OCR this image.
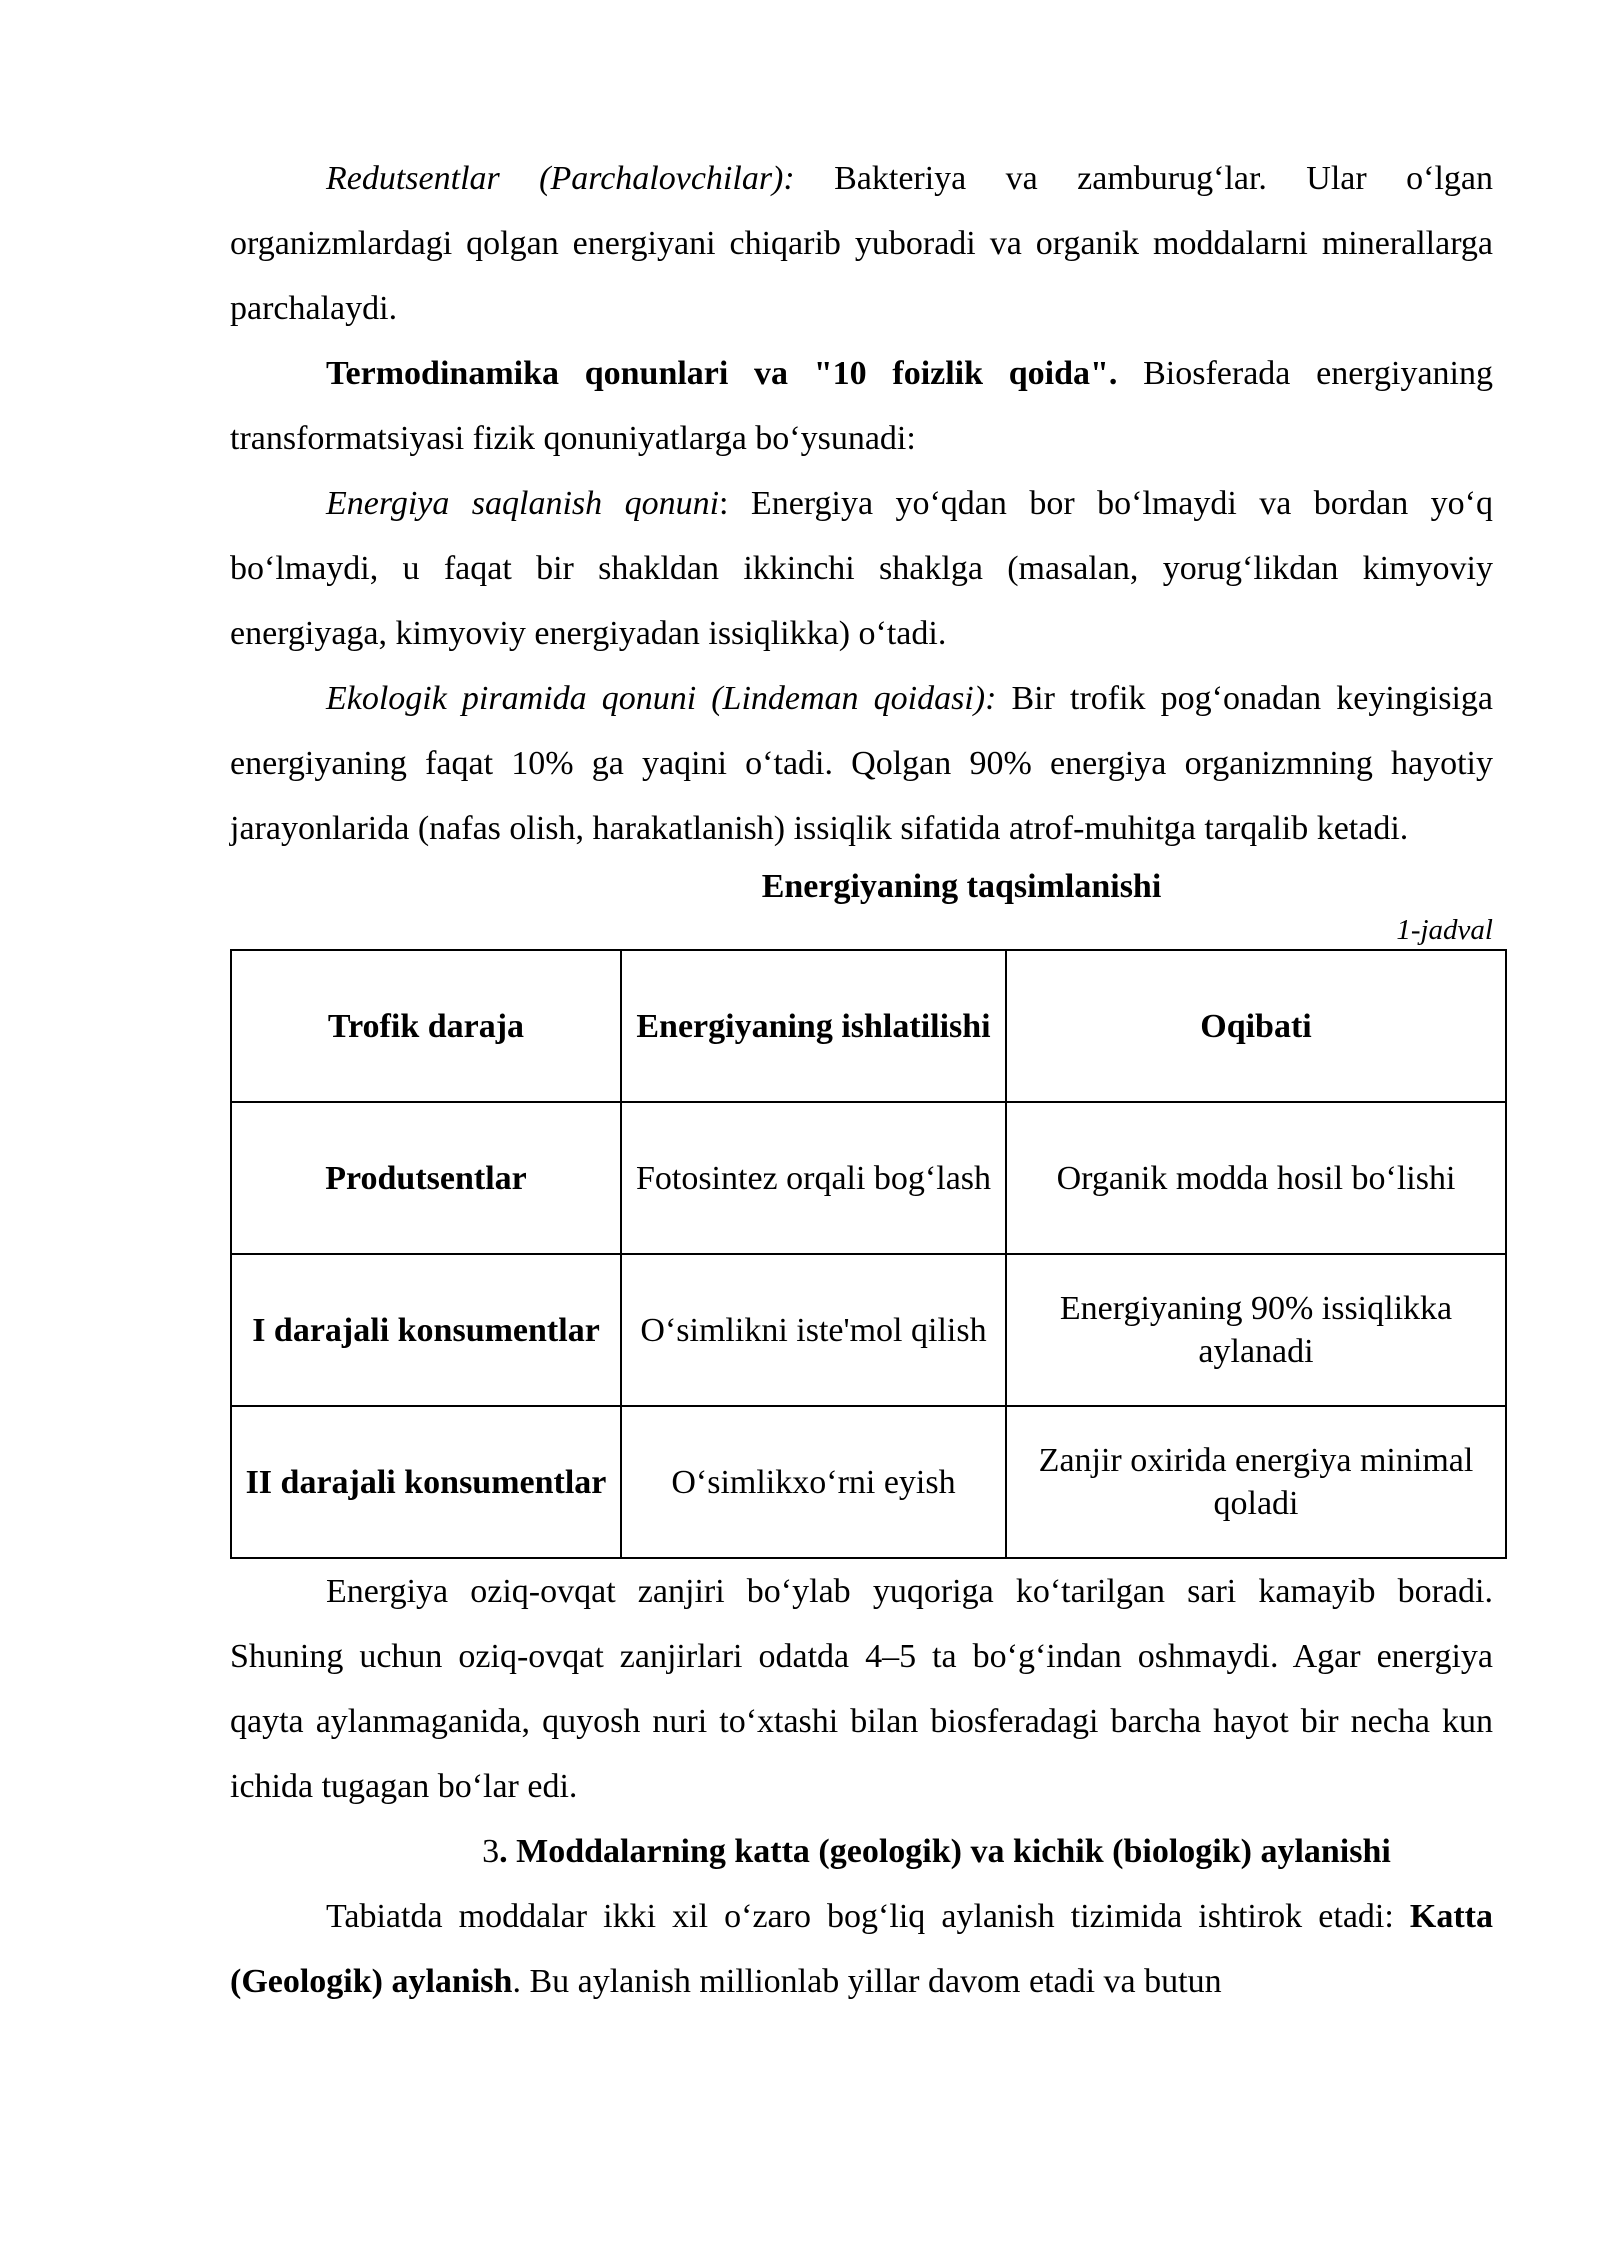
Redutsentlar (Parchalovchilar): Bakteriya va zamburug‘lar. Ular o‘lgan organizmlardagi qolgan energiyani chiqarib yuboradi va organik moddalarni minerallarga parchalaydi.

Termodinamika qonunlari va "10 foizlik qoida". Biosferada energiyaning transformatsiyasi fizik qonuniyatlarga bo‘ysunadi:

Energiya saqlanish qonuni: Energiya yo‘qdan bor bo‘lmaydi va bordan yo‘q bo‘lmaydi, u faqat bir shakldan ikkinchi shaklga (masalan, yorug‘likdan kimyoviy energiyaga, kimyoviy energiyadan issiqlikka) o‘tadi.

Ekologik piramida qonuni (Lindeman qoidasi): Bir trofik pog‘onadan keyingisiga energiyaning faqat 10% ga yaqini o‘tadi. Qolgan 90% energiya organizmning hayotiy jarayonlarida (nafas olish, harakatlanish) issiqlik sifatida atrof-muhitga tarqalib ketadi.

Energiyaning taqsimlanishi
1-jadval
Trofik daraja	Energiyaning ishlatilishi	Oqibati
Produtsentlar	Fotosintez orqali bog‘lash	Organik modda hosil bo‘lishi
I darajali konsumentlar	O‘simlikni iste'mol qilish	Energiyaning 90% issiqlikka aylanadi
II darajali konsumentlar	O‘simlikxo‘rni eyish	Zanjir oxirida energiya minimal qoladi

Energiya oziq-ovqat zanjiri bo‘ylab yuqoriga ko‘tarilgan sari kamayib boradi. Shuning uchun oziq-ovqat zanjirlari odatda 4–5 ta bo‘g‘indan oshmaydi. Agar energiya qayta aylanmaganida, quyosh nuri to‘xtashi bilan biosferadagi barcha hayot bir necha kun ichida tugagan bo‘lar edi.

3. Moddalarning katta (geologik) va kichik (biologik) aylanishi

Tabiatda moddalar ikki xil o‘zaro bog‘liq aylanish tizimida ishtirok etadi: Katta (Geologik) aylanish. Bu aylanish millionlab yillar davom etadi va butun
